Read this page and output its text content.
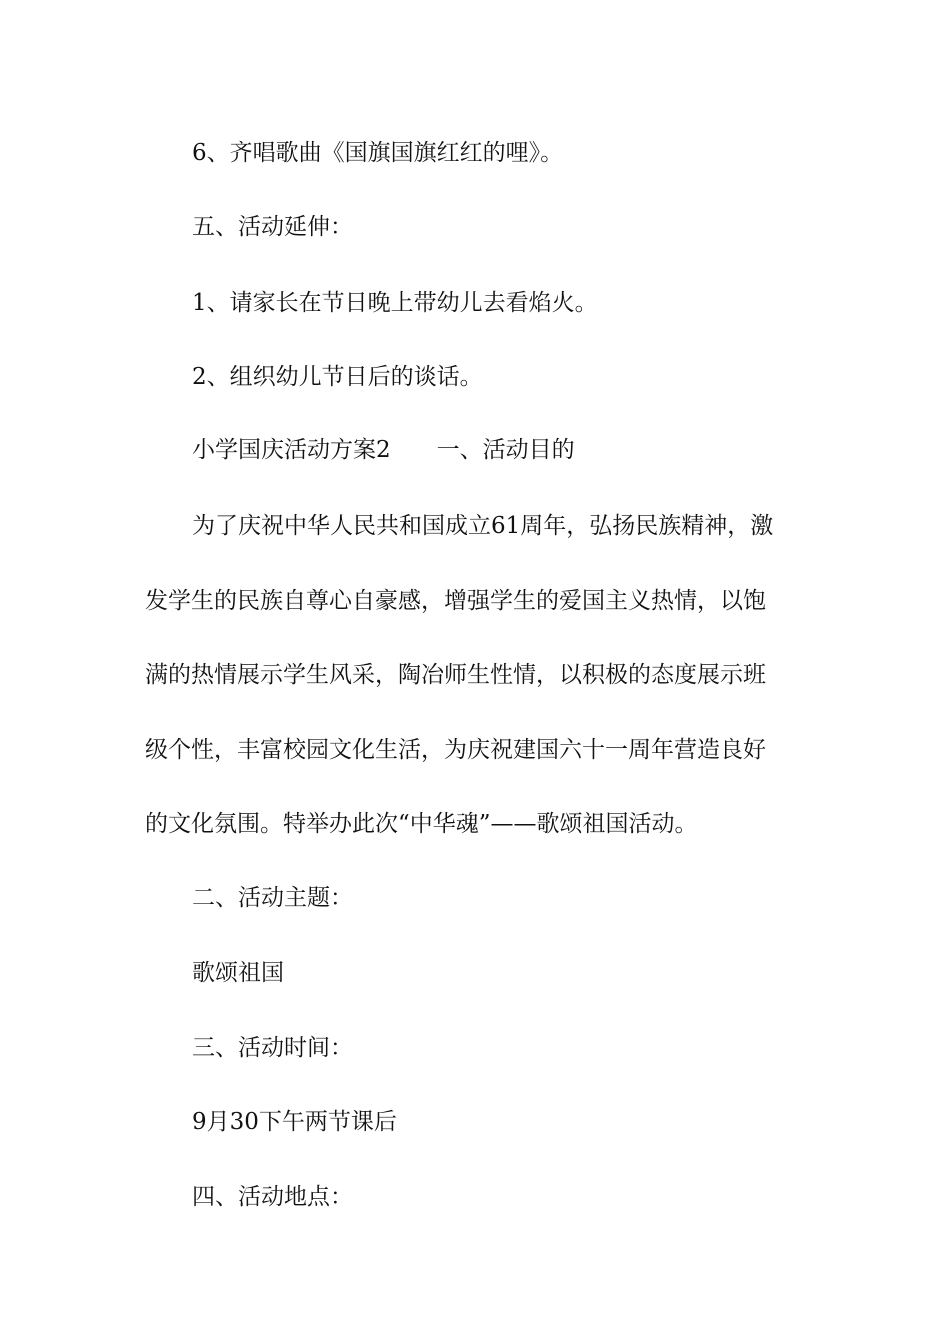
6、齐唱歌曲《国旗国旗红红的哩》。

五、活动延伸：

1、请家长在节日晚上带幼儿去看焰火。

2、组织幼儿节日后的谈话。

小学国庆活动方案2 一、活动目的

为了庆祝中华人民共和国成立61周年，弘扬民族精神，激

发学生的民族自尊心自豪感，增强学生的爱国主义热情，以饱

满的热情展示学生风采，陶冶师生性情，以积极的态度展示班

级个性，丰富校园文化生活，为庆祝建国六十一周年营造良好

的文化氛围。特举办此次“中华魂”——歌颂祖国活动。

二、活动主题：

歌颂祖国

三、活动时间：

9月30下午两节课后

四、活动地点：
